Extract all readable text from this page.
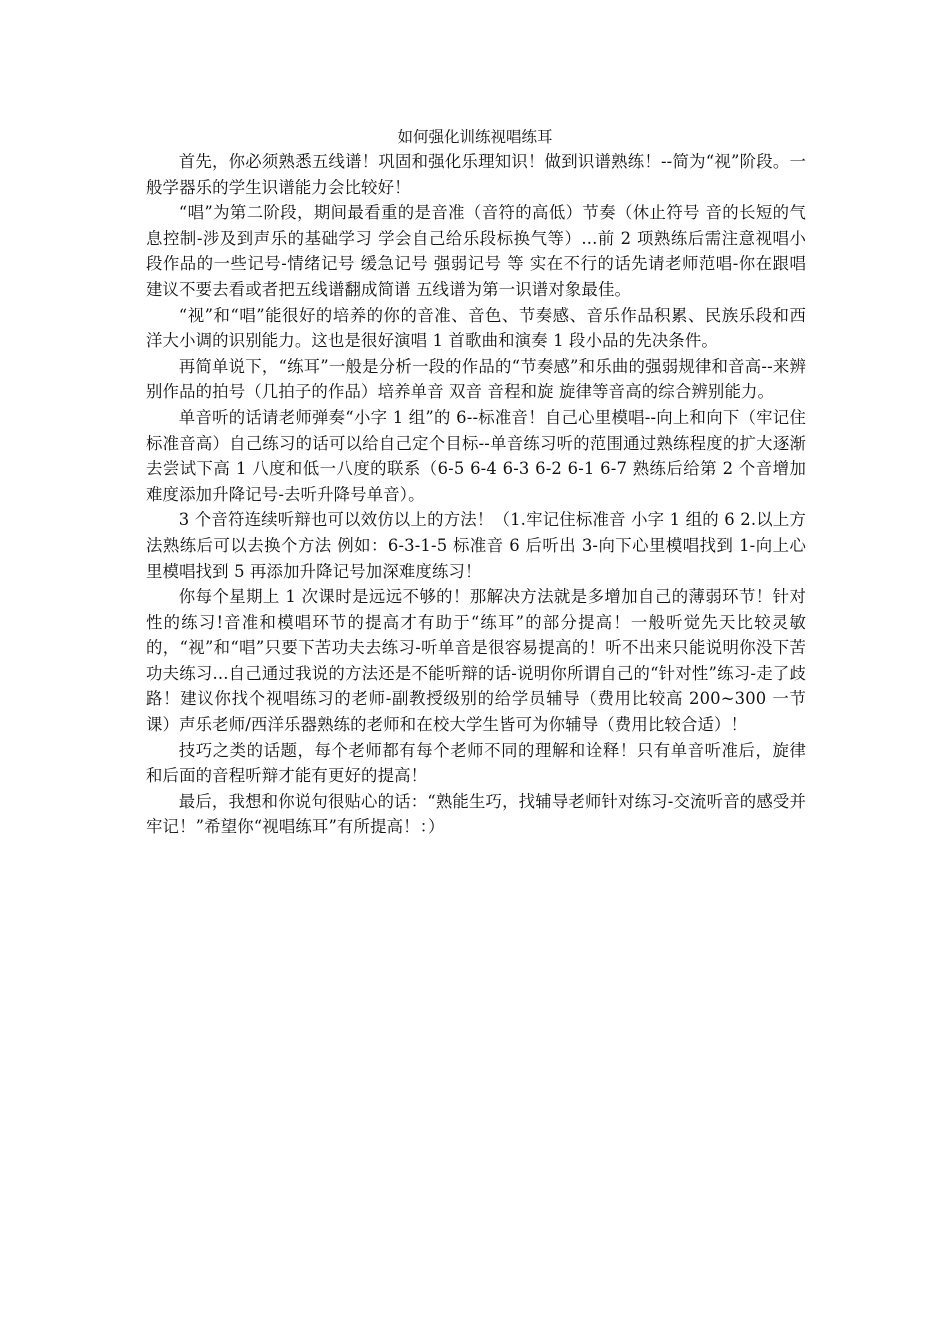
如何强化训练视唱练耳

首先，你必须熟悉五线谱！巩固和强化乐理知识！做到识谱熟练！--简为“视”阶段。一般学器乐的学生识谱能力会比较好！

“唱”为第二阶段，期间最看重的是音准（音符的高低）节奏（休止符号 音的长短的气息控制-涉及到声乐的基础学习 学会自己给乐段标换气等）...前 2 项熟练后需注意视唱小段作品的一些记号-情绪记号 缓急记号 强弱记号 等 实在不行的话先请老师范唱-你在跟唱 建议不要去看或者把五线谱翻成简谱 五线谱为第一识谱对象最佳。

“视”和“唱”能很好的培养的你的音准、音色、节奏感、音乐作品积累、民族乐段和西洋大小调的识别能力。这也是很好演唱 1 首歌曲和演奏 1 段小品的先决条件。

再简单说下，“练耳”一般是分析一段的作品的“节奏感”和乐曲的强弱规律和音高--来辨别作品的拍号（几拍子的作品）培养单音 双音 音程和旋 旋律等音高的综合辨别能力。

单音听的话请老师弹奏“小字 1 组”的 6--标准音！自己心里模唱--向上和向下（牢记住标准音高）自己练习的话可以给自己定个目标--单音练习听的范围通过熟练程度的扩大逐渐去尝试下高 1 八度和低一八度的联系（6-5 6-4 6-3 6-2 6-1 6-7 熟练后给第 2 个音增加难度添加升降记号-去听升降号单音）。

3 个音符连续听辩也可以效仿以上的方法！（1.牢记住标准音 小字 1 组的 6 2.以上方法熟练后可以去换个方法 例如：6-3-1-5 标准音 6 后听出 3-向下心里模唱找到 1-向上心里模唱找到 5 再添加升降记号加深难度练习！

你每个星期上 1 次课时是远远不够的！那解决方法就是多增加自己的薄弱环节！针对性的练习!音准和模唱环节的提高才有助于“练耳”的部分提高！一般听觉先天比较灵敏的，“视”和“唱”只要下苦功夫去练习-听单音是很容易提高的！听不出来只能说明你没下苦功夫练习...自己通过我说的方法还是不能听辩的话-说明你所谓自己的“针对性”练习-走了歧路！建议你找个视唱练习的老师-副教授级别的给学员辅导（费用比较高 200~300 一节课）声乐老师/西洋乐器熟练的老师和在校大学生皆可为你辅导（费用比较合适）！

技巧之类的话题，每个老师都有每个老师不同的理解和诠释！只有单音听准后，旋律和后面的音程听辩才能有更好的提高！

最后，我想和你说句很贴心的话：“熟能生巧，找辅导老师针对练习-交流听音的感受并牢记！”希望你“视唱练耳”有所提高！：）
